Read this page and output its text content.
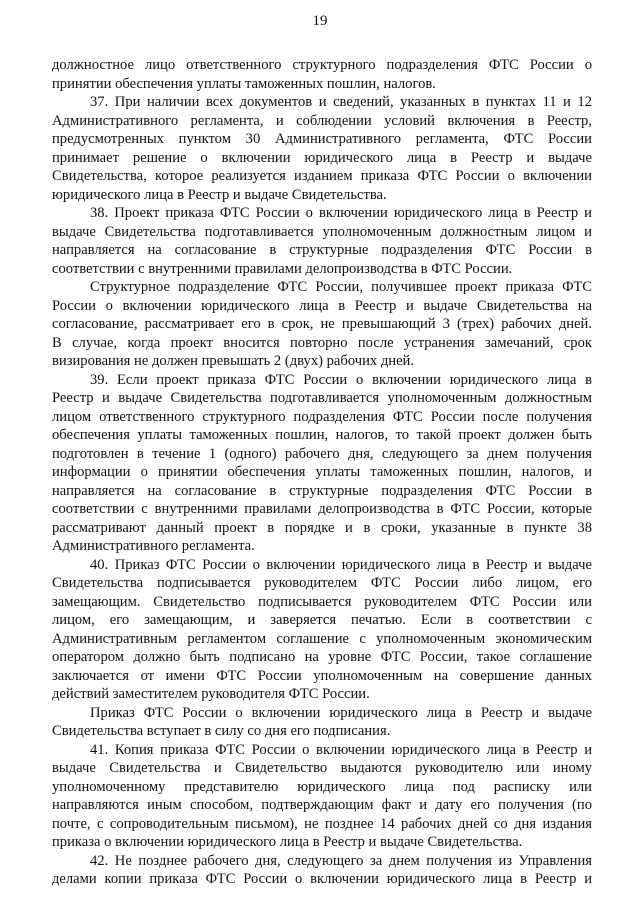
19

должностное лицо ответственного структурного подразделения ФТС России о
принятии обеспечения уплаты таможенных пошлин, налогов.

37. При наличии всех документов и сведений, указанных в пунктах 11 и 12
Административного регламента, и соблюдении условий включения в Реестр,
предусмотренных пунктом 30 Административного регламента, ФТС России
принимает решение о включении юридического лица в Реестр и выдаче
Свидетельства, которое реализуется изданием приказа ФТС России о включении
юридического лица в Реестр и выдаче Свидетельства.

38. Проект приказа ФТС России о включении юридического лица в Реестр и
выдаче Свидетельства подготавливается уполномоченным должностным лицом и
направляется на согласование в структурные подразделения ФТС России в
соответствии с внутренними правилами делопроизводства в ФТС России.

Структурное подразделение ФТС России, получившее проект приказа ФТС
России о включении юридического лица в Реестр и выдаче Свидетельства на
согласование, рассматривает его в срок, не превышающий 3 (трех) рабочих дней.
В случае, когда проект вносится повторно после устранения замечаний, срок
визирования не должен превышать 2 (двух) рабочих дней.

39. Если проект приказа ФТС России о включении юридического лица в
Реестр и выдаче Свидетельства подготавливается уполномоченным должностным
лицом ответственного структурного подразделения ФТС России после получения
обеспечения уплаты таможенных пошлин, налогов, то такой проект должен быть
подготовлен в течение 1 (одного) рабочего дня, следующего за днем получения
информации о принятии обеспечения уплаты таможенных пошлин, налогов, и
направляется на согласование в структурные подразделения ФТС России в
соответствии с внутренними правилами делопроизводства в ФТС России, которые
рассматривают данный проект в порядке и в сроки, указанные в пункте 38
Административного регламента.

40. Приказ ФТС России о включении юридического лица в Реестр и выдаче
Свидетельства подписывается руководителем ФТС России либо лицом, его
замещающим. Свидетельство подписывается руководителем ФТС России или
лицом, его замещающим, и заверяется печатью. Если в соответствии с
Административным регламентом соглашение с уполномоченным экономическим
оператором должно быть подписано на уровне ФТС России, такое соглашение
заключается от имени ФТС России уполномоченным на совершение данных
действий заместителем руководителя ФТС России.

Приказ ФТС России о включении юридического лица в Реестр и выдаче
Свидетельства вступает в силу со дня его подписания.

41. Копия приказа ФТС России о включении юридического лица в Реестр и
выдаче Свидетельства и Свидетельство выдаются руководителю или иному
уполномоченному представителю юридического лица под расписку или
направляются иным способом, подтверждающим факт и дату его получения (по
почте, с сопроводительным письмом), не позднее 14 рабочих дней со дня издания
приказа о включении юридического лица в Реестр и выдаче Свидетельства.

42. Не позднее рабочего дня, следующего за днем получения из Управления
делами копии приказа ФТС России о включении юридического лица в Реестр и
